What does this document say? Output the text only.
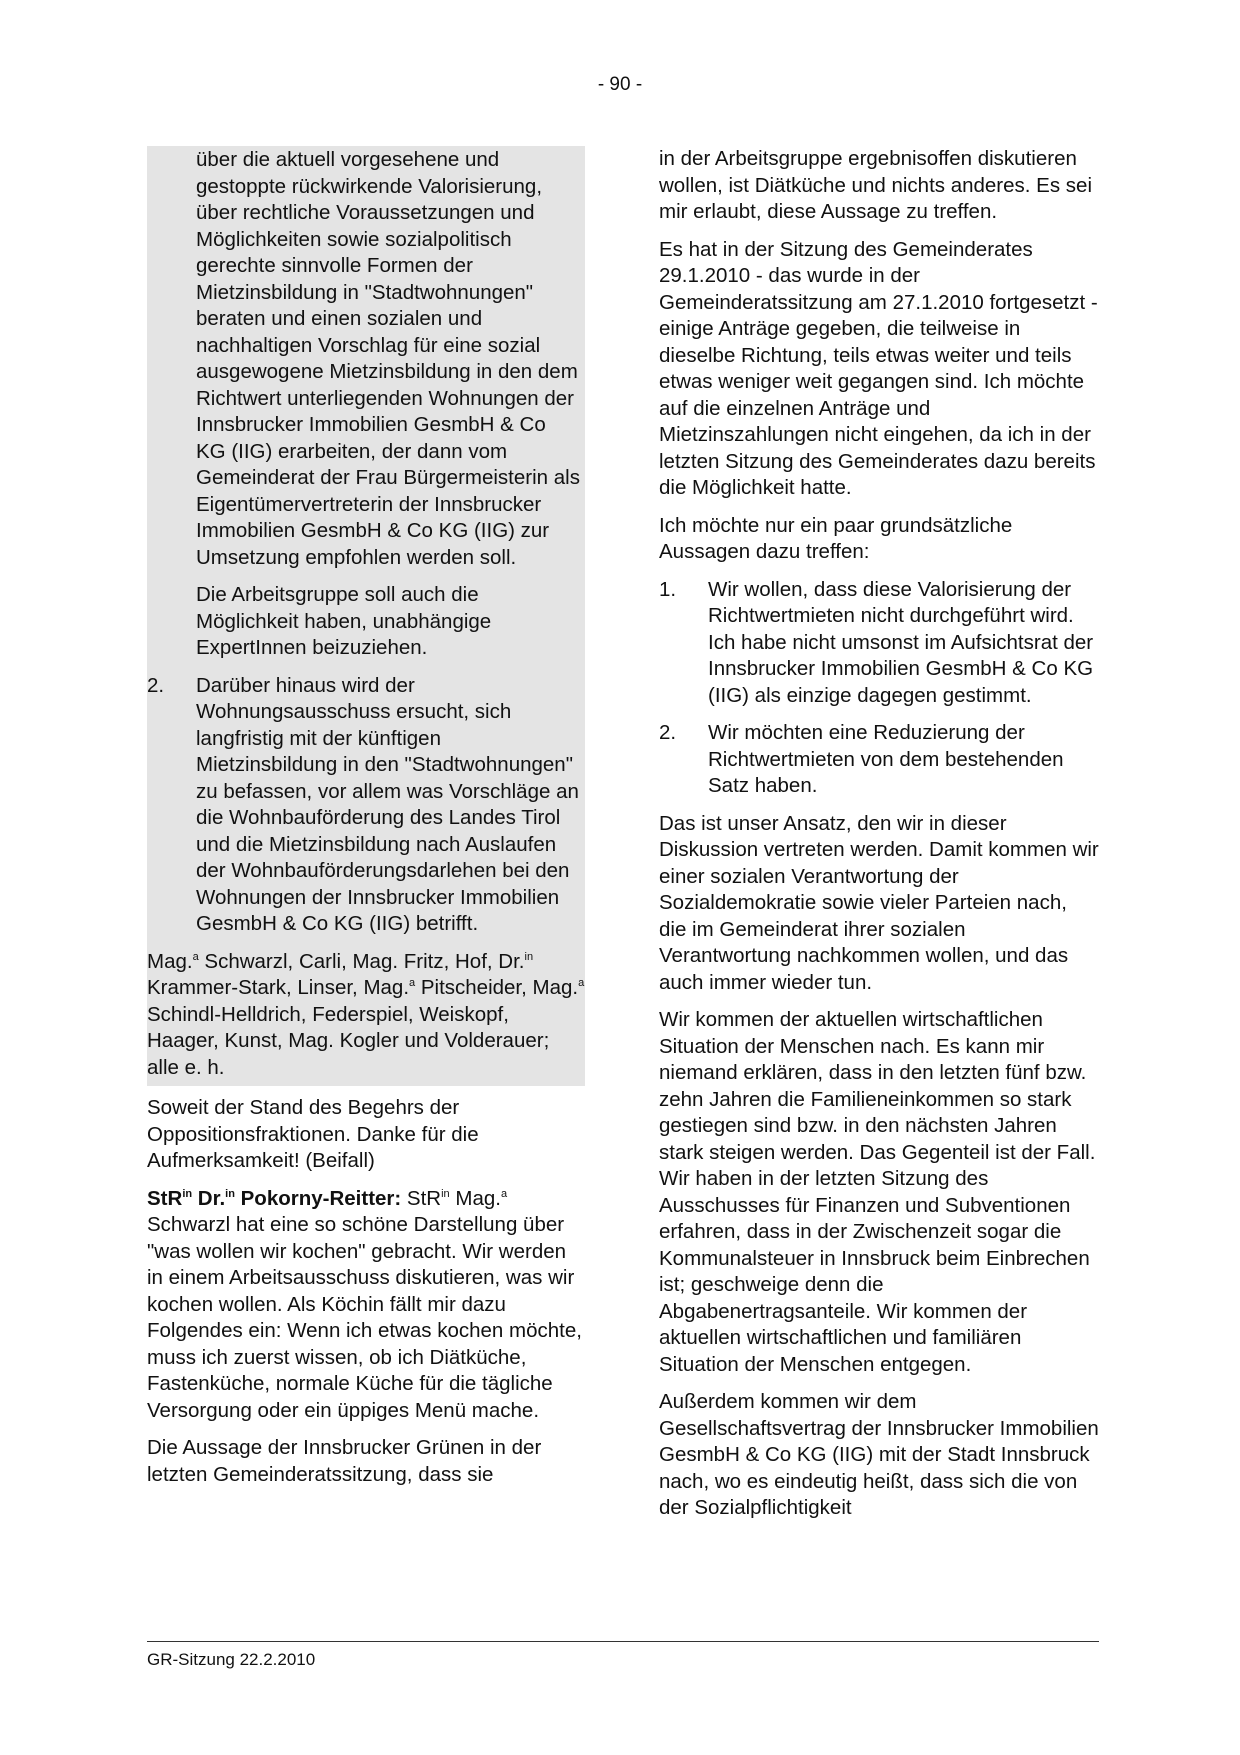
- 90 -

über die aktuell vorgesehene und gestoppte rückwirkende Valorisierung, über rechtliche Voraussetzungen und Möglichkeiten sowie sozialpolitisch gerechte sinnvolle Formen der Mietzinsbildung in "Stadtwohnungen" beraten und einen sozialen und nachhaltigen Vorschlag für eine sozial ausgewogene Mietzinsbildung in den dem Richtwert unterliegenden Wohnungen der Innsbrucker Immobilien GesmbH & Co KG (IIG) erarbeiten, der dann vom Gemeinderat der Frau Bürgermeisterin als Eigentümervertreterin der Innsbrucker Immobilien GesmbH & Co KG (IIG) zur Umsetzung empfohlen werden soll.

Die Arbeitsgruppe soll auch die Möglichkeit haben, unabhängige ExpertInnen beizuziehen.

2.	Darüber hinaus wird der Wohnungsausschuss ersucht, sich langfristig mit der künftigen Mietzinsbildung in den "Stadtwohnungen" zu befassen, vor allem was Vorschläge an die Wohnbauförderung des Landes Tirol und die Mietzinsbildung nach Auslaufen der Wohnbauförderungsdarlehen bei den Wohnungen der Innsbrucker Immobilien GesmbH & Co KG (IIG) betrifft.

Mag.$^a$ Schwarzl, Carli, Mag. Fritz, Hof, Dr.$^{in}$ Krammer-Stark, Linser, Mag.$^a$ Pitscheider, Mag.$^a$ Schindl-Helldrich, Federspiel, Weiskopf, Haager, Kunst, Mag. Kogler und Volderauer; alle e. h.

Soweit der Stand des Begehrs der Oppositionsfraktionen. Danke für die Aufmerksamkeit! (Beifall)

StR$^{in}$ Dr.$^{in}$ Pokorny-Reitter: StR$^{in}$ Mag.$^a$ Schwarzl hat eine so schöne Darstellung über "was wollen wir kochen" gebracht. Wir werden in einem Arbeitsausschuss diskutieren, was wir kochen wollen. Als Köchin fällt mir dazu Folgendes ein: Wenn ich etwas kochen möchte, muss ich zuerst wissen, ob ich Diätküche, Fastenküche, normale Küche für die tägliche Versorgung oder ein üppiges Menü mache.

Die Aussage der Innsbrucker Grünen in der letzten Gemeinderatssitzung, dass sie

in der Arbeitsgruppe ergebnisoffen diskutieren wollen, ist Diätküche und nichts anderes. Es sei mir erlaubt, diese Aussage zu treffen.

Es hat in der Sitzung des Gemeinderates 29.1.2010 - das wurde in der Gemeinderatssitzung am 27.1.2010 fortgesetzt - einige Anträge gegeben, die teilweise in dieselbe Richtung, teils etwas weiter und teils etwas weniger weit gegangen sind. Ich möchte auf die einzelnen Anträge und Mietzinszahlungen nicht eingehen, da ich in der letzten Sitzung des Gemeinderates dazu bereits die Möglichkeit hatte.

Ich möchte nur ein paar grundsätzliche Aussagen dazu treffen:

1.	Wir wollen, dass diese Valorisierung der Richtwertmieten nicht durchgeführt wird. Ich habe nicht umsonst im Aufsichtsrat der Innsbrucker Immobilien GesmbH & Co KG (IIG) als einzige dagegen gestimmt.
2.	Wir möchten eine Reduzierung der Richtwertmieten von dem bestehenden Satz haben.

Das ist unser Ansatz, den wir in dieser Diskussion vertreten werden. Damit kommen wir einer sozialen Verantwortung der Sozialdemokratie sowie vieler Parteien nach, die im Gemeinderat ihrer sozialen Verantwortung nachkommen wollen, und das auch immer wieder tun.

Wir kommen der aktuellen wirtschaftlichen Situation der Menschen nach. Es kann mir niemand erklären, dass in den letzten fünf bzw. zehn Jahren die Familieneinkommen so stark gestiegen sind bzw. in den nächsten Jahren stark steigen werden. Das Gegenteil ist der Fall. Wir haben in der letzten Sitzung des Ausschusses für Finanzen und Subventionen erfahren, dass in der Zwischenzeit sogar die Kommunalsteuer in Innsbruck beim Einbrechen ist; geschweige denn die Abgabenertragsanteile. Wir kommen der aktuellen wirtschaftlichen und familiären Situation der Menschen entgegen.

Außerdem kommen wir dem Gesellschaftsvertrag der Innsbrucker Immobilien GesmbH & Co KG (IIG) mit der Stadt Innsbruck nach, wo es eindeutig heißt, dass sich die von der Sozialpflichtigkeit

GR-Sitzung 22.2.2010
